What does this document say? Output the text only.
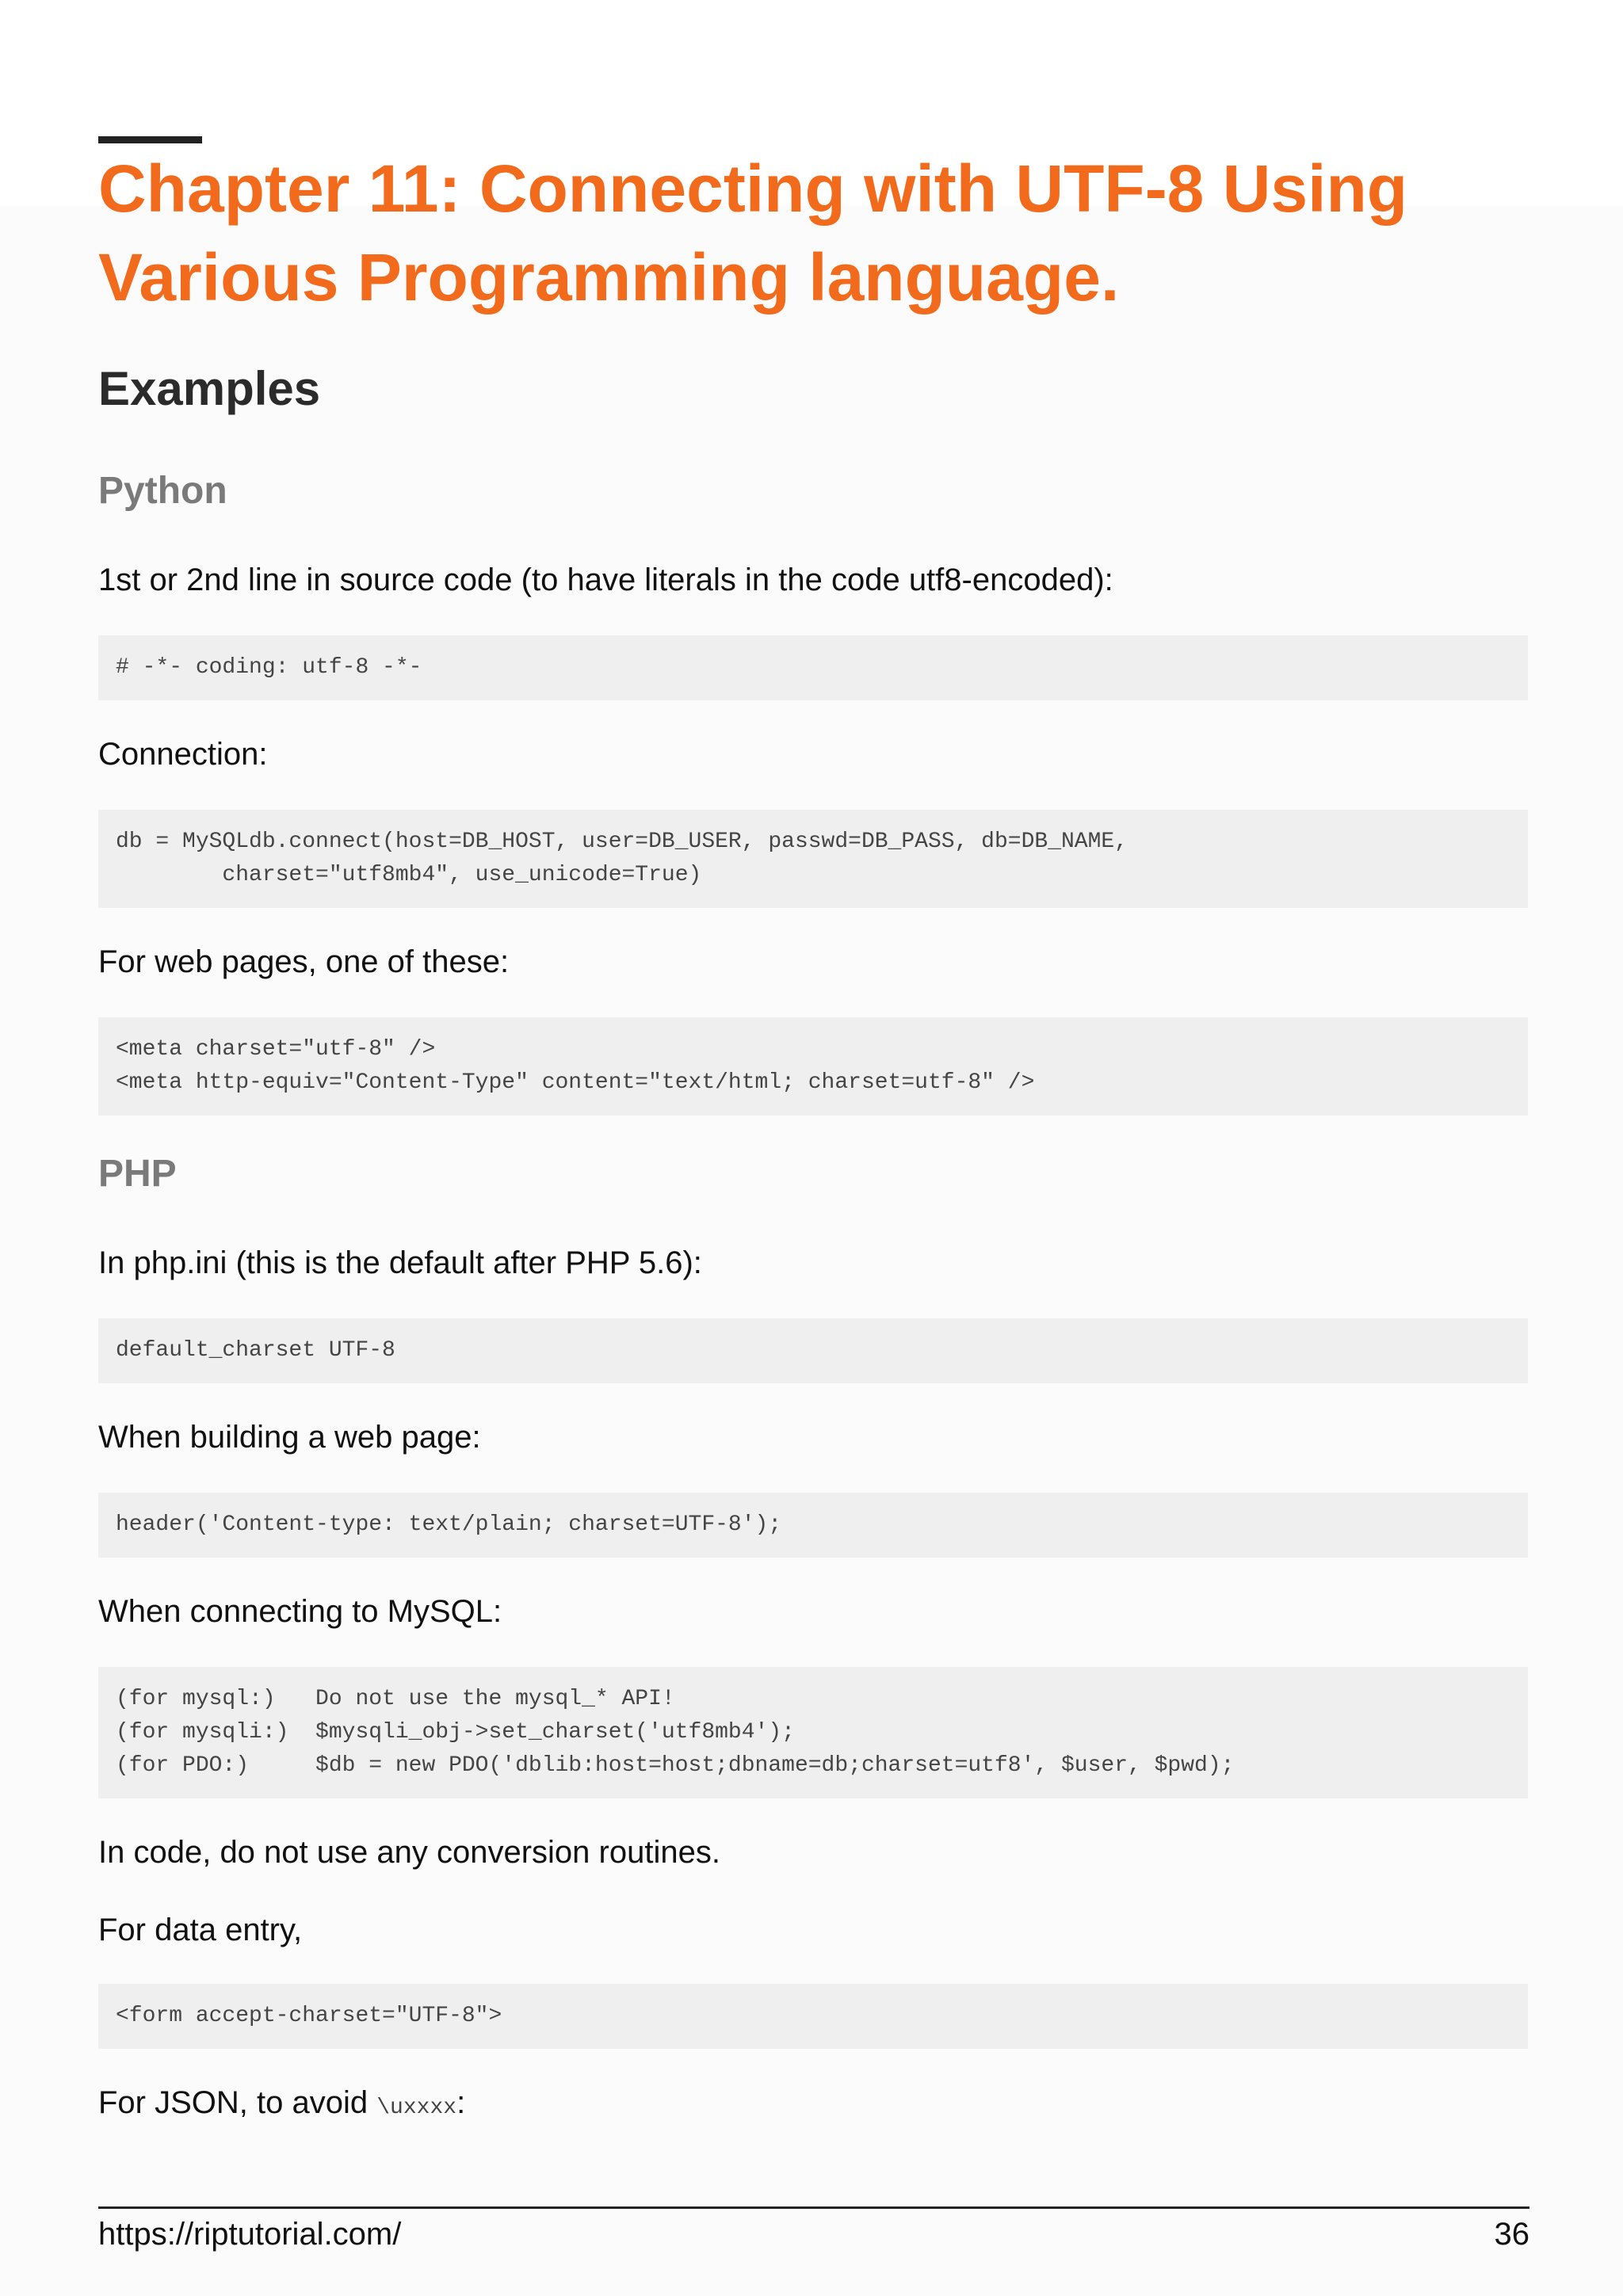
Chapter 11: Connecting with UTF-8 Using
Various Programming language.
Examples
Python

1st or 2nd line in source code (to have literals in the code utf8-encoded):

# -*- coding: utf-8 -*-

Connection:

db = MySQLdb.connect(host=DB_HOST, user=DB_USER, passwd=DB_PASS, db=DB_NAME,
charset="utf8mb4", use_unicode=True)

For web pages, one of these:

<meta charset="utf-8" />
<meta http-equiv="Content-Type" content="text/html; charset=utf-8" />
PHP

In php.ini (this is the default after PHP 5.6):

default_charset UTF-8

When building a web page:

header('Content-type: text/plain; charset=UTF-8');

When connecting to MySQL:

(for mysql:)   Do not use the mysql_* API!
(for mysqli:)  $mysqli_obj->set_charset('utf8mb4');
(for PDO:)     $db = new PDO('dblib:host=host;dbname=db;charset=utf8', $user, $pwd);

In code, do not use any conversion routines.

For data entry,

<form accept-charset="UTF-8">

For JSON, to avoid \uxxxx:

https://riptutorial.com/	36
